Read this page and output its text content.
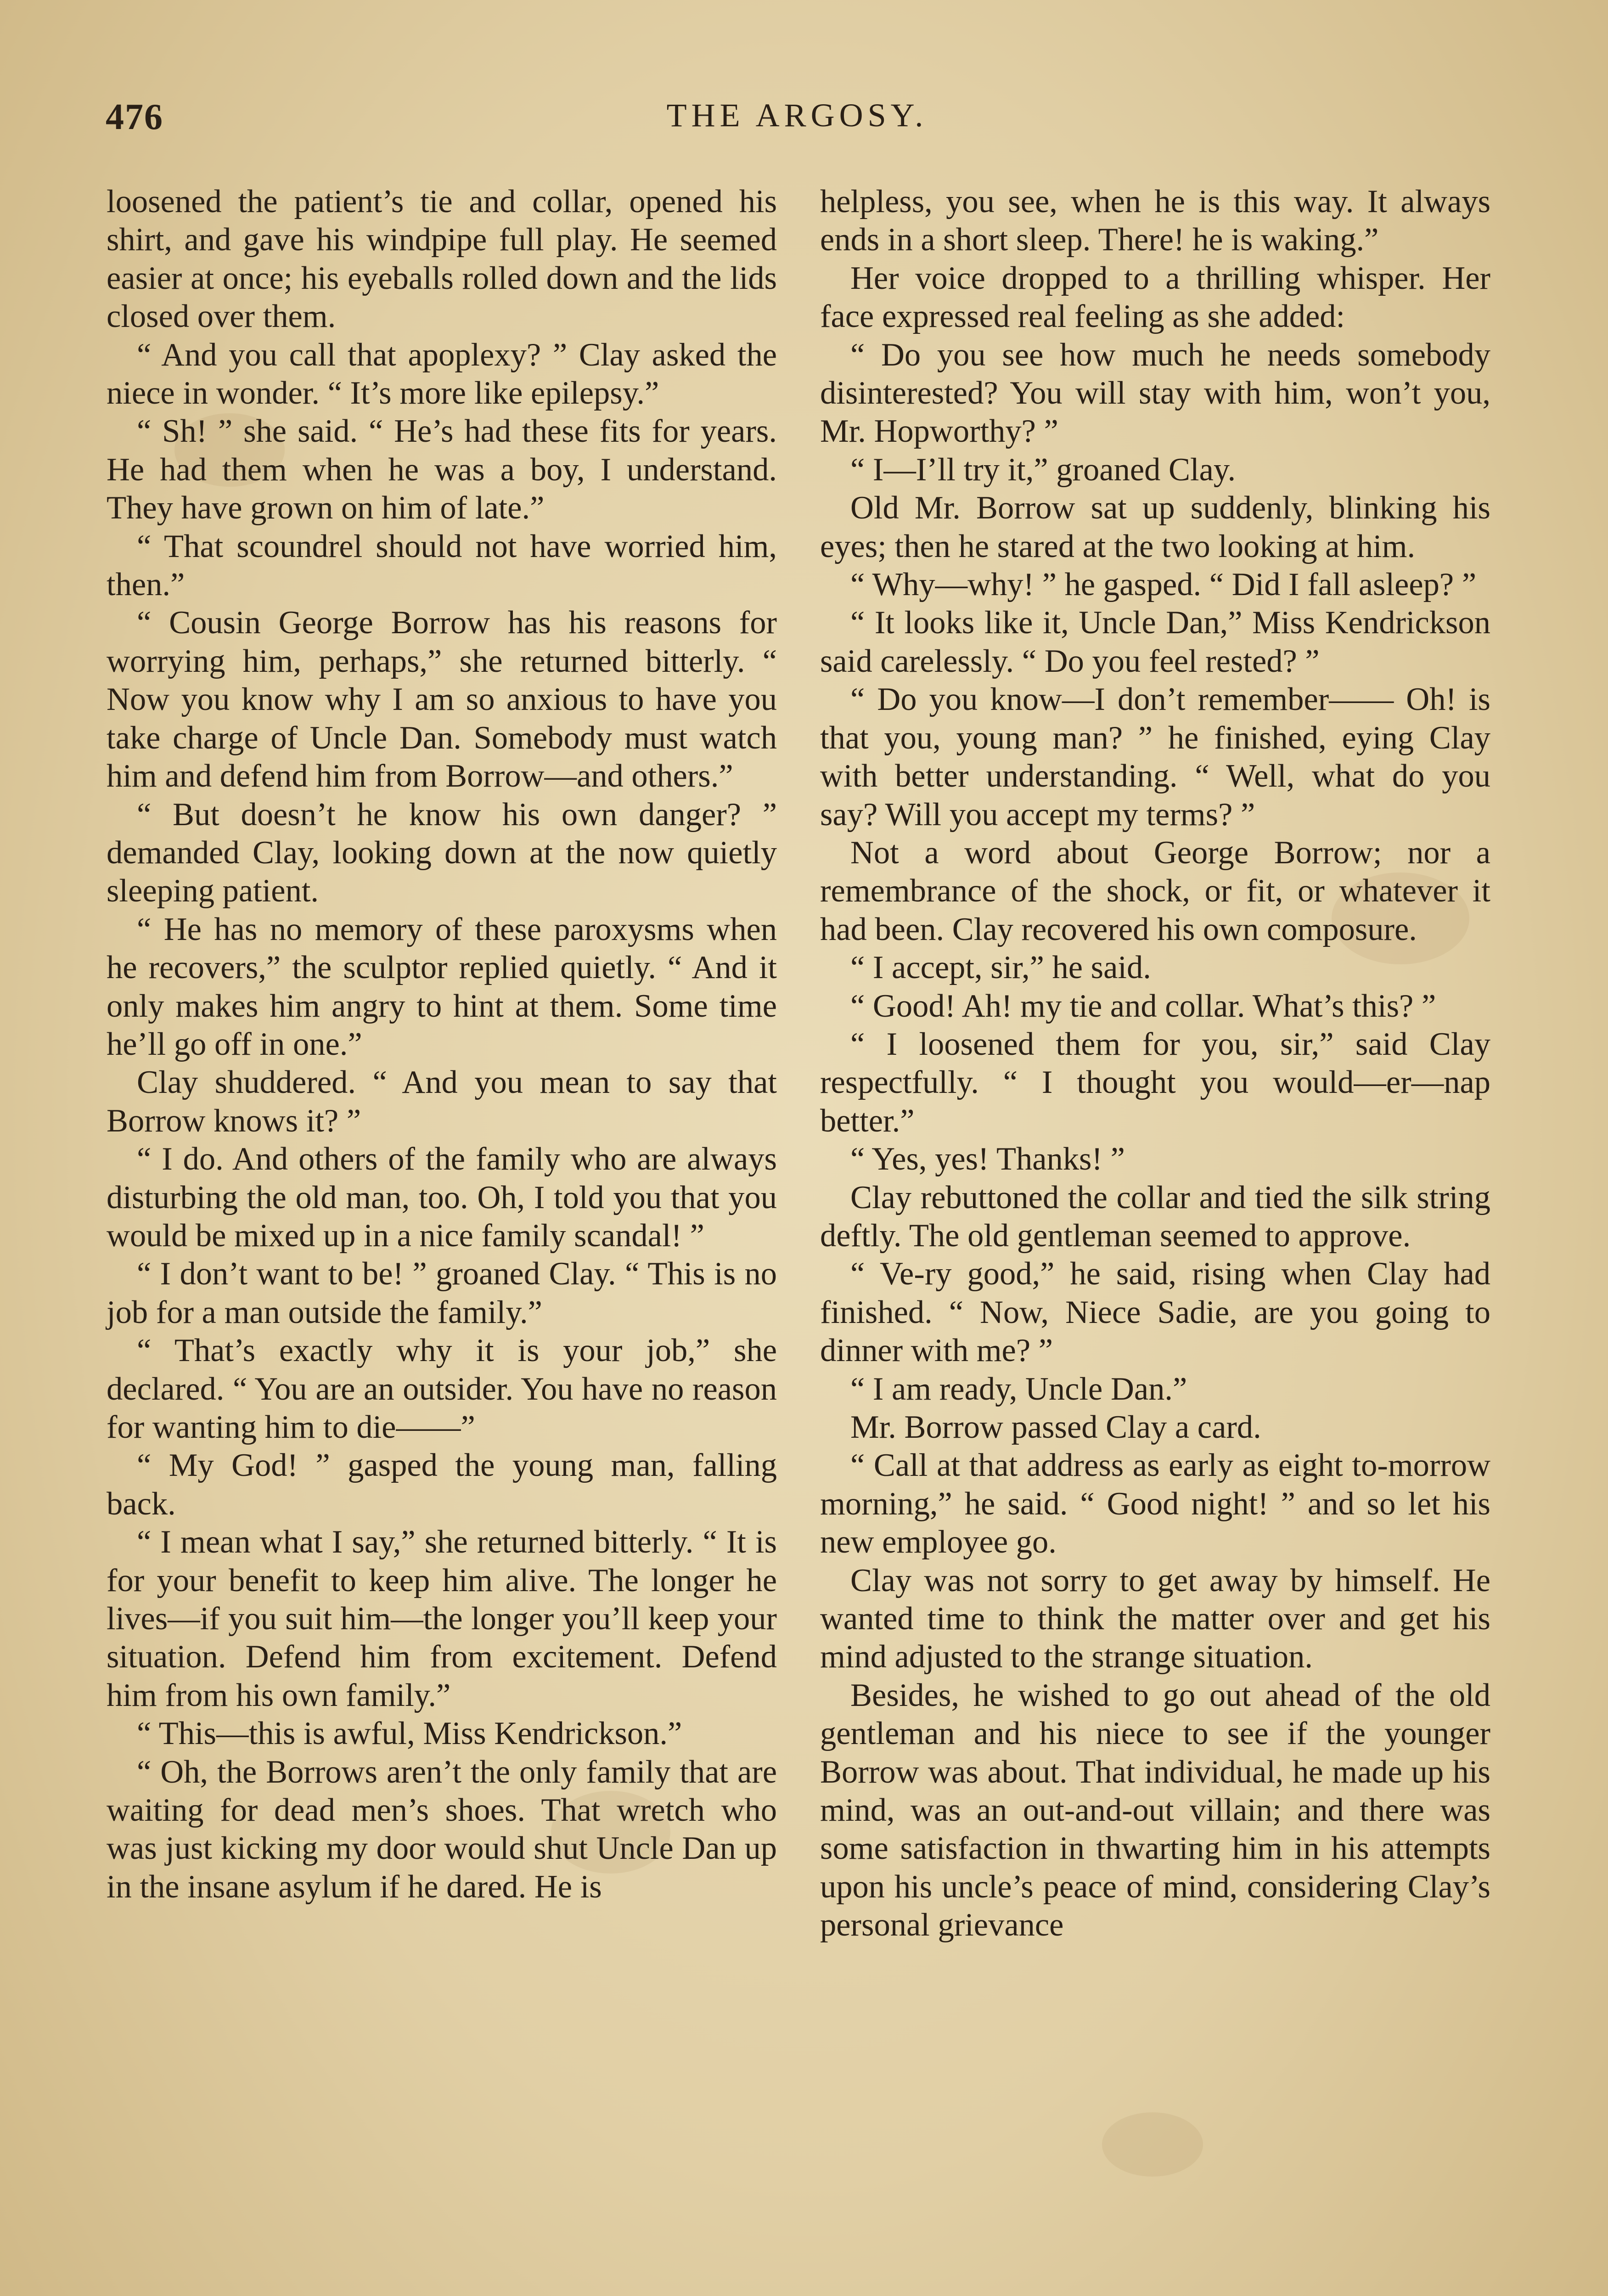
476	THE ARGOSY.

loosened the patient’s tie and collar, opened his shirt, and gave his windpipe full play. He seemed easier at once; his eyeballs rolled down and the lids closed over them.

“ And you call that apoplexy? ” Clay asked the niece in wonder. “ It’s more like epilepsy.”

“ Sh! ” she said. “ He’s had these fits for years. He had them when he was a boy, I understand. They have grown on him of late.”

“ That scoundrel should not have worried him, then.”

“ Cousin George Borrow has his reasons for worrying him, perhaps,” she returned bitterly. “ Now you know why I am so anxious to have you take charge of Uncle Dan. Somebody must watch him and defend him from Borrow—and others.”

“ But doesn’t he know his own danger? ” demanded Clay, looking down at the now quietly sleeping patient.

“ He has no memory of these paroxysms when he recovers,” the sculptor replied quietly. “ And it only makes him angry to hint at them. Some time he’ll go off in one.”

Clay shuddered. “ And you mean to say that Borrow knows it? ”

“ I do. And others of the family who are always disturbing the old man, too. Oh, I told you that you would be mixed up in a nice family scandal! ”

“ I don’t want to be! ” groaned Clay. “ This is no job for a man outside the family.”

“ That’s exactly why it is your job,” she declared. “ You are an outsider. You have no reason for wanting him to die——”

“ My God! ” gasped the young man, falling back.

“ I mean what I say,” she returned bitterly. “ It is for your benefit to keep him alive. The longer he lives—if you suit him—the longer you’ll keep your situation. Defend him from excitement. Defend him from his own family.”

“ This—this is awful, Miss Kendrickson.”

“ Oh, the Borrows aren’t the only family that are waiting for dead men’s shoes. That wretch who was just kicking my door would shut Uncle Dan up in the insane asylum if he dared. He is

helpless, you see, when he is this way. It always ends in a short sleep. There! he is waking.”

Her voice dropped to a thrilling whisper. Her face expressed real feeling as she added:

“ Do you see how much he needs somebody disinterested? You will stay with him, won’t you, Mr. Hopworthy? ”

“ I—I’ll try it,” groaned Clay.

Old Mr. Borrow sat up suddenly, blinking his eyes; then he stared at the two looking at him.

“ Why—why! ” he gasped. “ Did I fall asleep? ”

“ It looks like it, Uncle Dan,” Miss Kendrickson said carelessly. “ Do you feel rested? ”

“ Do you know—I don’t remember—— Oh! is that you, young man? ” he finished, eying Clay with better understanding. “ Well, what do you say? Will you accept my terms? ”

Not a word about George Borrow; nor a remembrance of the shock, or fit, or whatever it had been. Clay recovered his own composure.

“ I accept, sir,” he said.

“ Good! Ah! my tie and collar. What’s this? ”

“ I loosened them for you, sir,” said Clay respectfully. “ I thought you would—er—nap better.”

“ Yes, yes! Thanks! ”

Clay rebuttoned the collar and tied the silk string deftly. The old gentleman seemed to approve.

“ Ve-ry good,” he said, rising when Clay had finished. “ Now, Niece Sadie, are you going to dinner with me? ”

“ I am ready, Uncle Dan.”

Mr. Borrow passed Clay a card.

“ Call at that address as early as eight to-morrow morning,” he said. “ Good night! ” and so let his new employee go.

Clay was not sorry to get away by himself. He wanted time to think the matter over and get his mind adjusted to the strange situation.

Besides, he wished to go out ahead of the old gentleman and his niece to see if the younger Borrow was about. That individual, he made up his mind, was an out-and-out villain; and there was some satisfaction in thwarting him in his attempts upon his uncle’s peace of mind, considering Clay’s personal grievance
